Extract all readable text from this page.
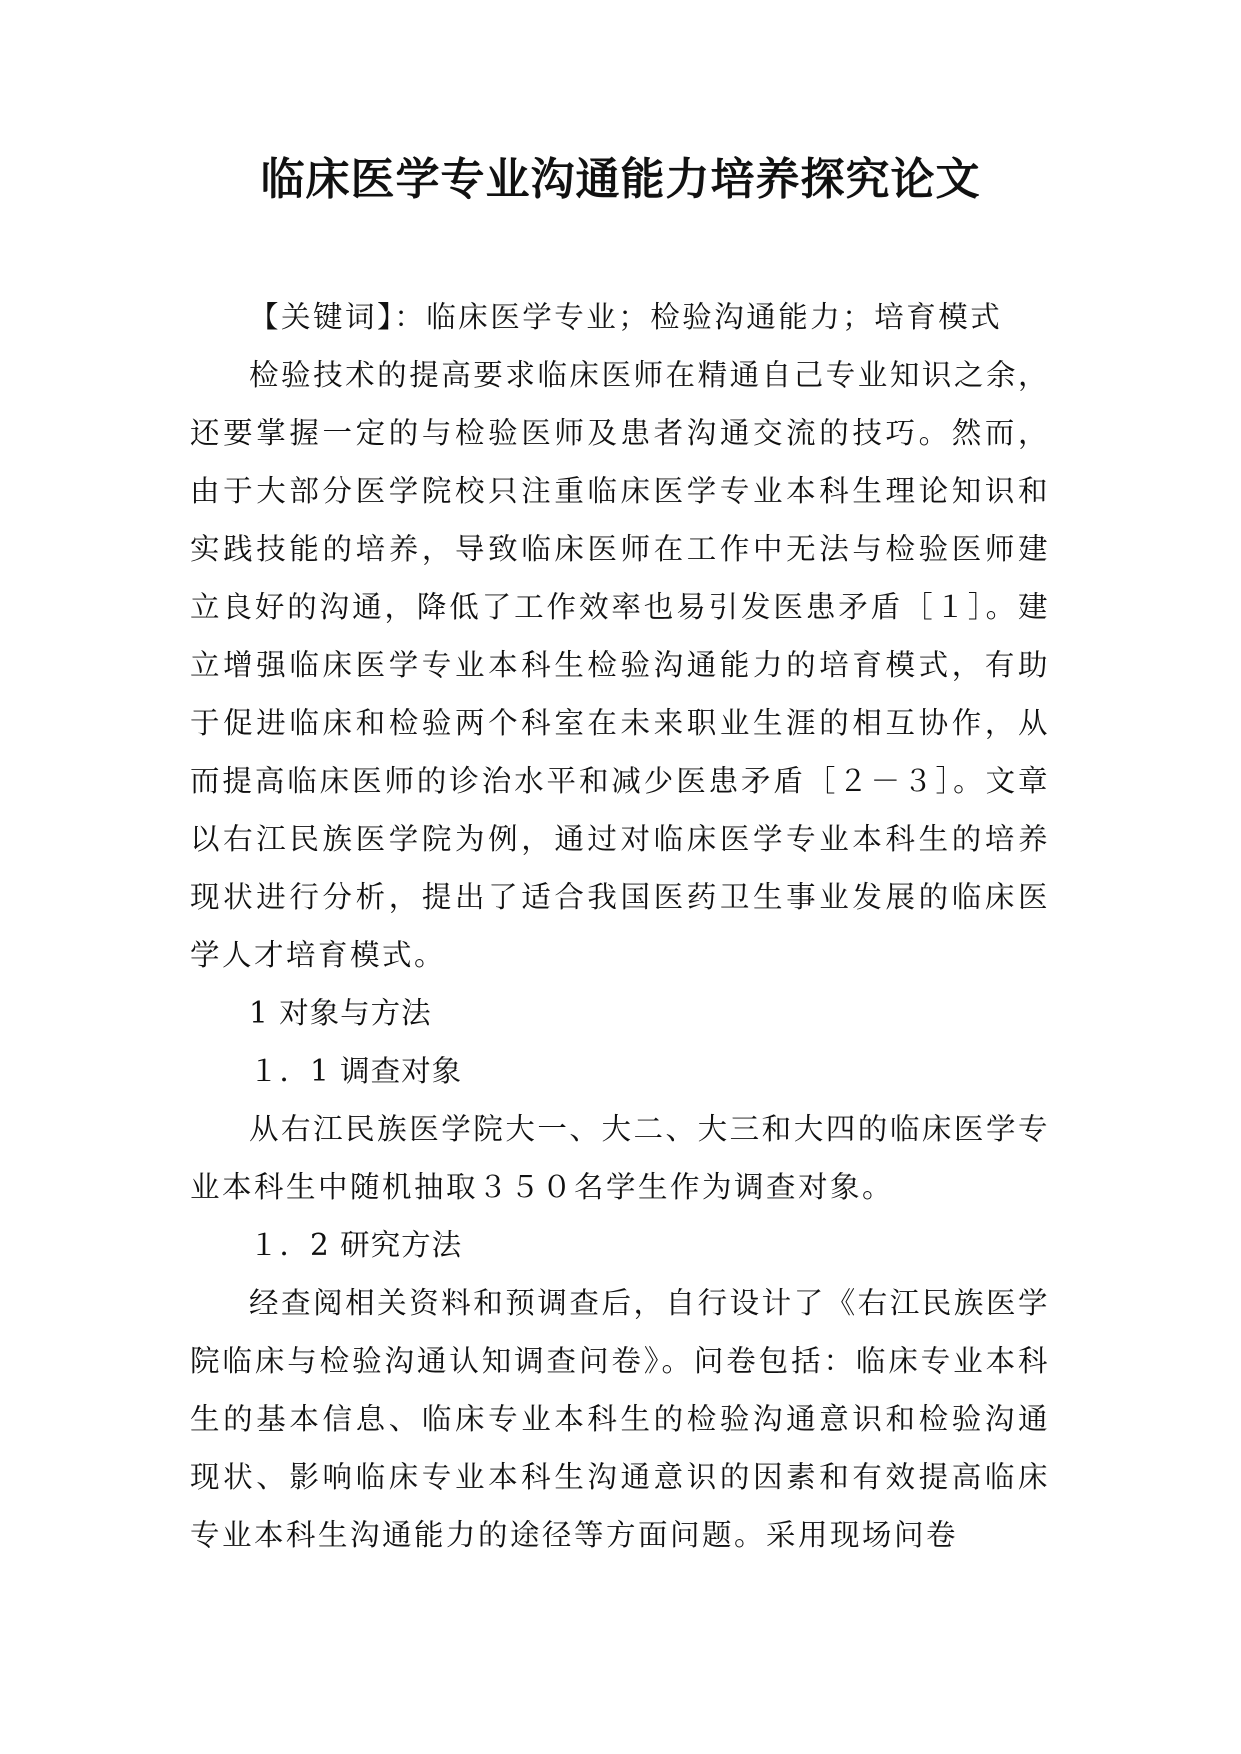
临床医学专业沟通能力培养探究论文

【关键词】：临床医学专业；检验沟通能力；培育模式

检验技术的提高要求临床医师在精通自己专业知识之余，还要掌握一定的与检验医师及患者沟通交流的技巧。然而，由于大部分医学院校只注重临床医学专业本科生理论知识和实践技能的培养，导致临床医师在工作中无法与检验医师建立良好的沟通，降低了工作效率也易引发医患矛盾［１］。建立增强临床医学专业本科生检验沟通能力的培育模式，有助于促进临床和检验两个科室在未来职业生涯的相互协作，从而提高临床医师的诊治水平和减少医患矛盾［２－３］。文章以右江民族医学院为例，通过对临床医学专业本科生的培养现状进行分析，提出了适合我国医药卫生事业发展的临床医学人才培育模式。

1 对象与方法

１．1 调查对象

从右江民族医学院大一、大二、大三和大四的临床医学专业本科生中随机抽取３５０名学生作为调查对象。

１．2 研究方法

经查阅相关资料和预调查后，自行设计了《右江民族医学院临床与检验沟通认知调查问卷》。问卷包括：临床专业本科生的基本信息、临床专业本科生的检验沟通意识和检验沟通现状、影响临床专业本科生沟通意识的因素和有效提高临床专业本科生沟通能力的途径等方面问题。采用现场问卷
